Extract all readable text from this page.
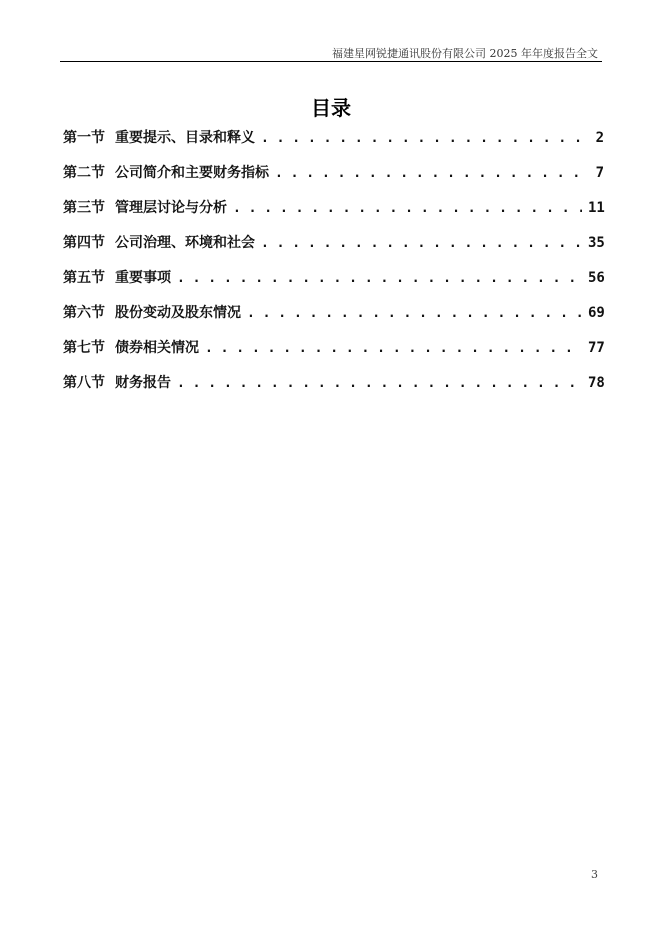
福建星网锐捷通讯股份有限公司 2025 年年度报告全文
目录
第一节 重要提示、目录和释义 . . .	2
第二节 公司简介和主要财务指标 . . .	7
第三节 管理层讨论与分析 . . .	11
第四节 公司治理、环境和社会 . . .	35
第五节 重要事项 . . .	56
第六节 股份变动及股东情况 . . .	69
第七节 债券相关情况 . . .	77
第八节 财务报告 . . .	78
3
